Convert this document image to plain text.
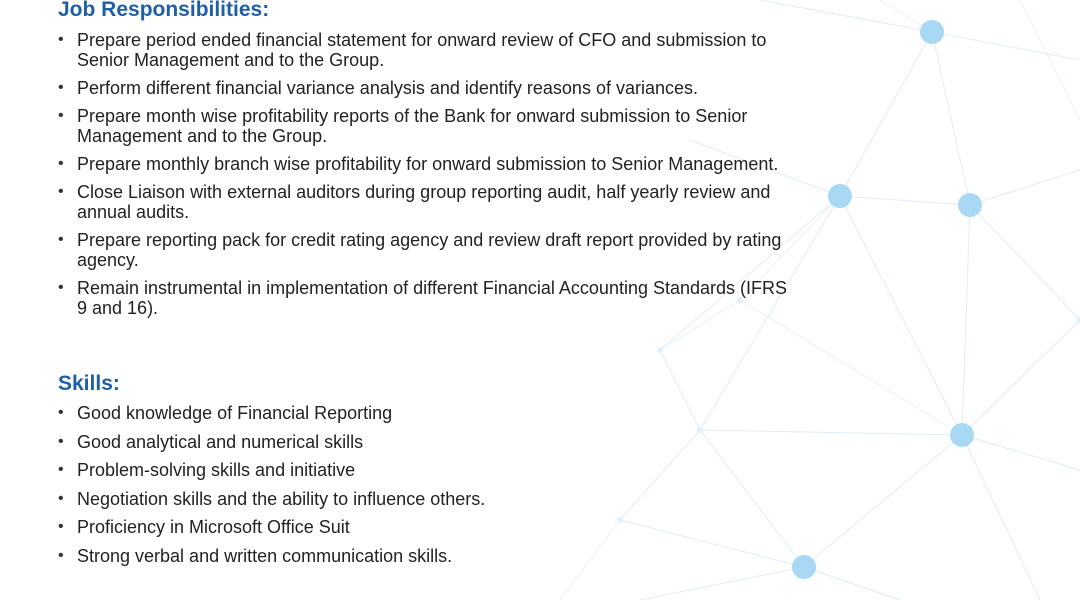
Job Responsibilities:
• Prepare period ended financial statement for onward review of CFO and submission to Senior Management and to the Group.
• Perform different financial variance analysis and identify reasons of variances.
• Prepare month wise profitability reports of the Bank for onward submission to Senior Management and to the Group.
• Prepare monthly branch wise profitability for onward submission to Senior Management.
• Close Liaison with external auditors during group reporting audit, half yearly review and annual audits.
• Prepare reporting pack for credit rating agency and review draft report provided by rating agency.
• Remain instrumental in implementation of different Financial Accounting Standards (IFRS 9 and 16).
Skills:
• Good knowledge of Financial Reporting
• Good analytical and numerical skills
• Problem-solving skills and initiative
• Negotiation skills and the ability to influence others.
• Proficiency in Microsoft Office Suit
• Strong verbal and written communication skills.
